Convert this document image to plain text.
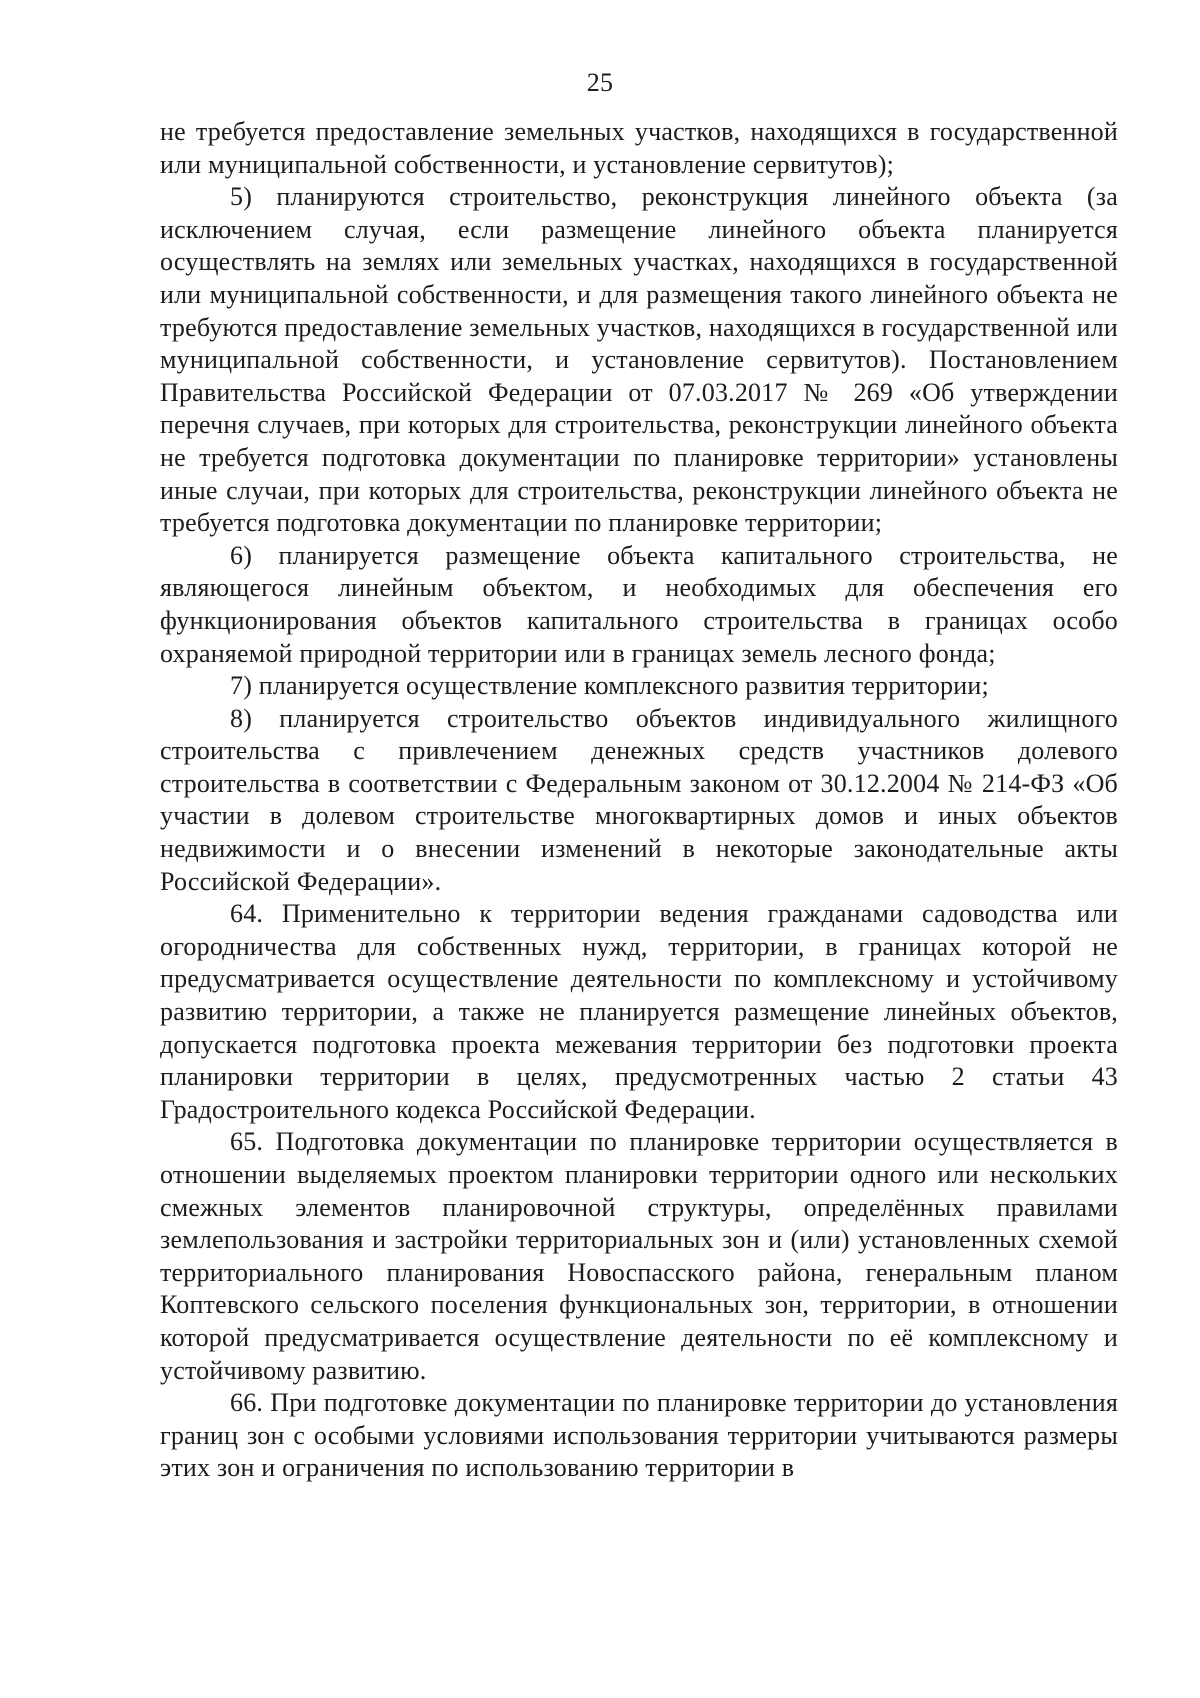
25

не требуется предоставление земельных участков, находящихся в государственной или муниципальной собственности, и установление сервитутов);

5) планируются строительство, реконструкция линейного объекта (за исключением случая, если размещение линейного объекта планируется осуществлять на землях или земельных участках, находящихся в государственной или муниципальной собственности, и для размещения такого линейного объекта не требуются предоставление земельных участков, находящихся в государственной или муниципальной собственности, и установление сервитутов). Постановлением Правительства Российской Федерации от 07.03.2017 № 269 «Об утверждении перечня случаев, при которых для строительства, реконструкции линейного объекта не требуется подготовка документации по планировке территории» установлены иные случаи, при которых для строительства, реконструкции линейного объекта не требуется подготовка документации по планировке территории;

6) планируется размещение объекта капитального строительства, не являющегося линейным объектом, и необходимых для обеспечения его функционирования объектов капитального строительства в границах особо охраняемой природной территории или в границах земель лесного фонда;

7) планируется осуществление комплексного развития территории;

8) планируется строительство объектов индивидуального жилищного строительства с привлечением денежных средств участников долевого строительства в соответствии с Федеральным законом от 30.12.2004 № 214-ФЗ «Об участии в долевом строительстве многоквартирных домов и иных объектов недвижимости и о внесении изменений в некоторые законодательные акты Российской Федерации».

64. Применительно к территории ведения гражданами садоводства или огородничества для собственных нужд, территории, в границах которой не предусматривается осуществление деятельности по комплексному и устойчивому развитию территории, а также не планируется размещение линейных объектов, допускается подготовка проекта межевания территории без подготовки проекта планировки территории в целях, предусмотренных частью 2 статьи 43 Градостроительного кодекса Российской Федерации.

65. Подготовка документации по планировке территории осуществляется в отношении выделяемых проектом планировки территории одного или нескольких смежных элементов планировочной структуры, определённых правилами землепользования и застройки территориальных зон и (или) установленных схемой территориального планирования Новоспасского района, генеральным планом Коптевского сельского поселения функциональных зон, территории, в отношении которой предусматривается осуществление деятельности по её комплексному и устойчивому развитию.

66. При подготовке документации по планировке территории до установления границ зон с особыми условиями использования территории учитываются размеры этих зон и ограничения по использованию территории в
